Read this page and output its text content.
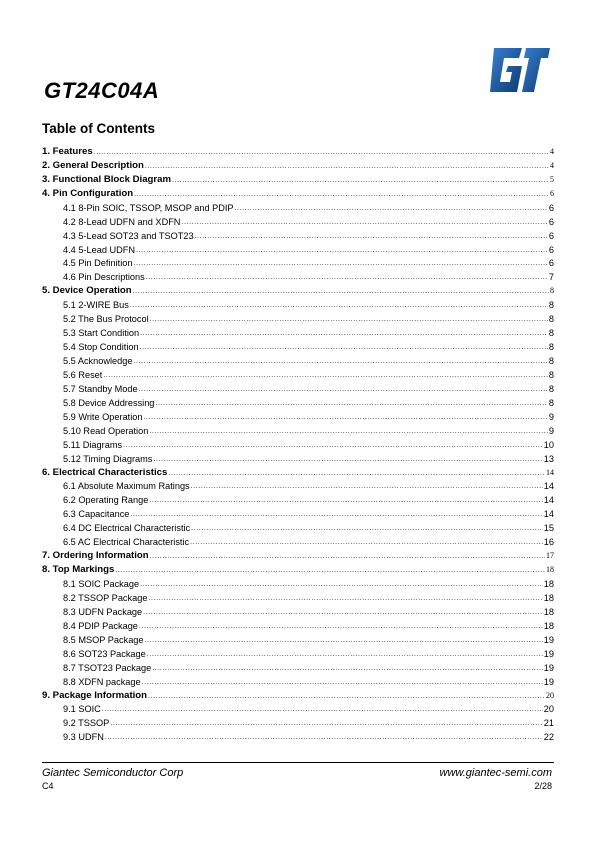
GT24C04A
Table of Contents
1. Features .....	4
2. General Description .....	4
3. Functional Block Diagram .....	5
4. Pin Configuration .....	6
4.1 8-Pin SOIC, TSSOP, MSOP and PDIP .....	6
4.2 8-Lead UDFN and XDFN .....	6
4.3 5-Lead SOT23 and TSOT23 .....	6
4.4 5-Lead UDFN .....	6
4.5 Pin Definition .....	6
4.6 Pin Descriptions .....	7
5. Device Operation .....	8
5.1 2-WIRE Bus .....	8
5.2 The Bus Protocol .....	8
5.3 Start Condition .....	8
5.4 Stop Condition .....	8
5.5 Acknowledge .....	8
5.6 Reset .....	8
5.7 Standby Mode .....	8
5.8 Device Addressing .....	8
5.9 Write Operation .....	9
5.10 Read Operation .....	9
5.11 Diagrams .....	10
5.12 Timing Diagrams .....	13
6. Electrical Characteristics .....	14
6.1 Absolute Maximum Ratings .....	14
6.2 Operating Range .....	14
6.3 Capacitance .....	14
6.4 DC Electrical Characteristic .....	15
6.5 AC Electrical Characteristic .....	16
7. Ordering Information .....	17
8. Top Markings .....	18
8.1 SOIC Package .....	18
8.2 TSSOP Package .....	18
8.3 UDFN Package .....	18
8.4 PDIP Package .....	18
8.5 MSOP Package .....	19
8.6 SOT23 Package .....	19
8.7 TSOT23 Package .....	19
8.8 XDFN package .....	19
9. Package Information .....	20
9.1 SOIC .....	20
9.2 TSSOP .....	21
9.3 UDFN .....	22
Giantec Semiconductor Corp	www.giantec-semi.com
C4	2/28
